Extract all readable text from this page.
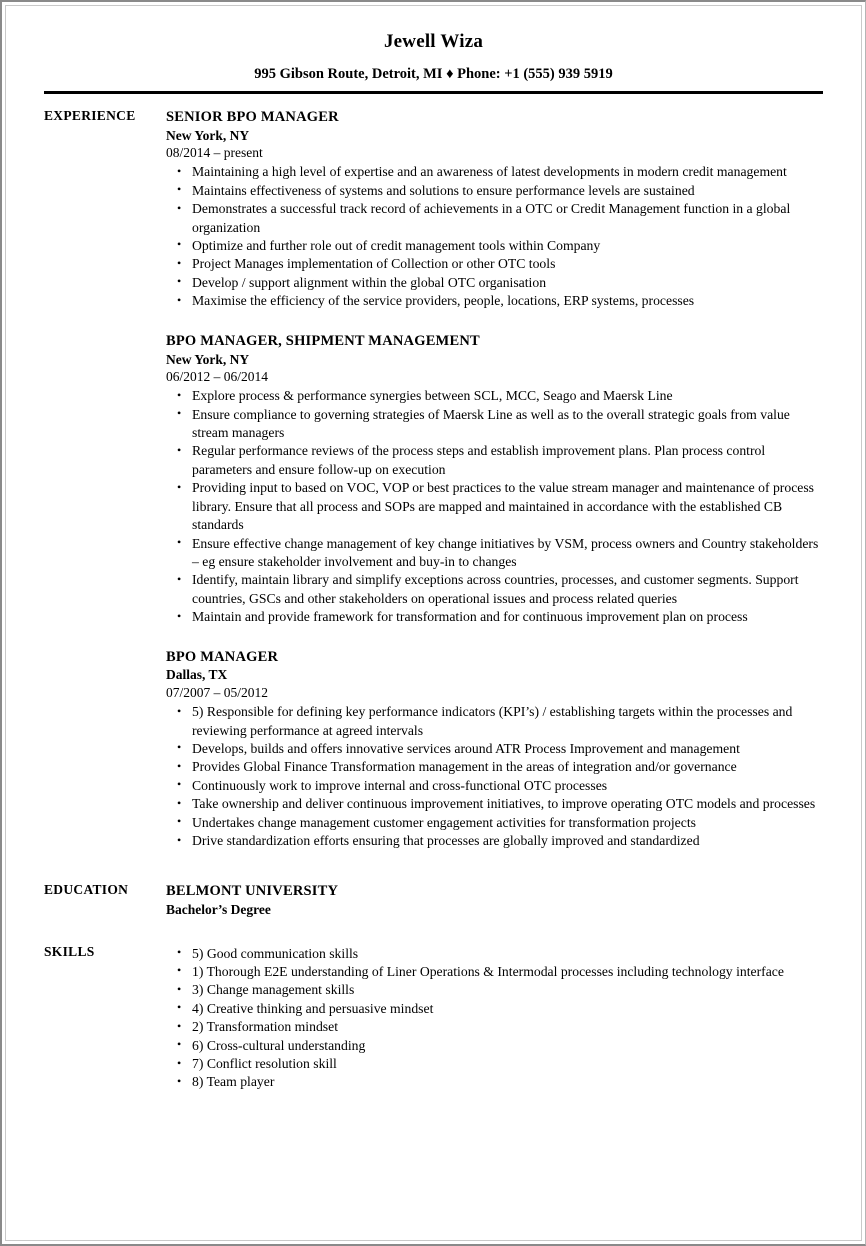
Jewell Wiza
995 Gibson Route, Detroit, MI ♦ Phone: +1 (555) 939 5919
EXPERIENCE	SENIOR BPO MANAGER
New York, NY
08/2014 – present
• Maintaining a high level of expertise and an awareness of latest developments in modern credit management
• Maintains effectiveness of systems and solutions to ensure performance levels are sustained
• Demonstrates a successful track record of achievements in a OTC or Credit Management function in a global organization
• Optimize and further role out of credit management tools within Company
• Project Manages implementation of Collection or other OTC tools
• Develop / support alignment within the global OTC organisation
• Maximise the efficiency of the service providers, people, locations, ERP systems, processes
BPO MANAGER, SHIPMENT MANAGEMENT
New York, NY
06/2012 – 06/2014
• Explore process & performance synergies between SCL, MCC, Seago and Maersk Line
• Ensure compliance to governing strategies of Maersk Line as well as to the overall strategic goals from value stream managers
• Regular performance reviews of the process steps and establish improvement plans. Plan process control parameters and ensure follow-up on execution
• Providing input to based on VOC, VOP or best practices to the value stream manager and maintenance of process library. Ensure that all process and SOPs are mapped and maintained in accordance with the established CB standards
• Ensure effective change management of key change initiatives by VSM, process owners and Country stakeholders – eg ensure stakeholder involvement and buy-in to changes
• Identify, maintain library and simplify exceptions across countries, processes, and customer segments. Support countries, GSCs and other stakeholders on operational issues and process related queries
• Maintain and provide framework for transformation and for continuous improvement plan on process
BPO MANAGER
Dallas, TX
07/2007 – 05/2012
• 5) Responsible for defining key performance indicators (KPI’s) / establishing targets within the processes and reviewing performance at agreed intervals
• Develops, builds and offers innovative services around ATR Process Improvement and management
• Provides Global Finance Transformation management in the areas of integration and/or governance
• Continuously work to improve internal and cross-functional OTC processes
• Take ownership and deliver continuous improvement initiatives, to improve operating OTC models and processes
• Undertakes change management customer engagement activities for transformation projects
• Drive standardization efforts ensuring that processes are globally improved and standardized
EDUCATION	BELMONT UNIVERSITY
Bachelor’s Degree
SKILLS	• 5) Good communication skills
• 1) Thorough E2E understanding of Liner Operations & Intermodal processes including technology interface
• 3) Change management skills
• 4) Creative thinking and persuasive mindset
• 2) Transformation mindset
• 6) Cross-cultural understanding
• 7) Conflict resolution skill
• 8) Team player
